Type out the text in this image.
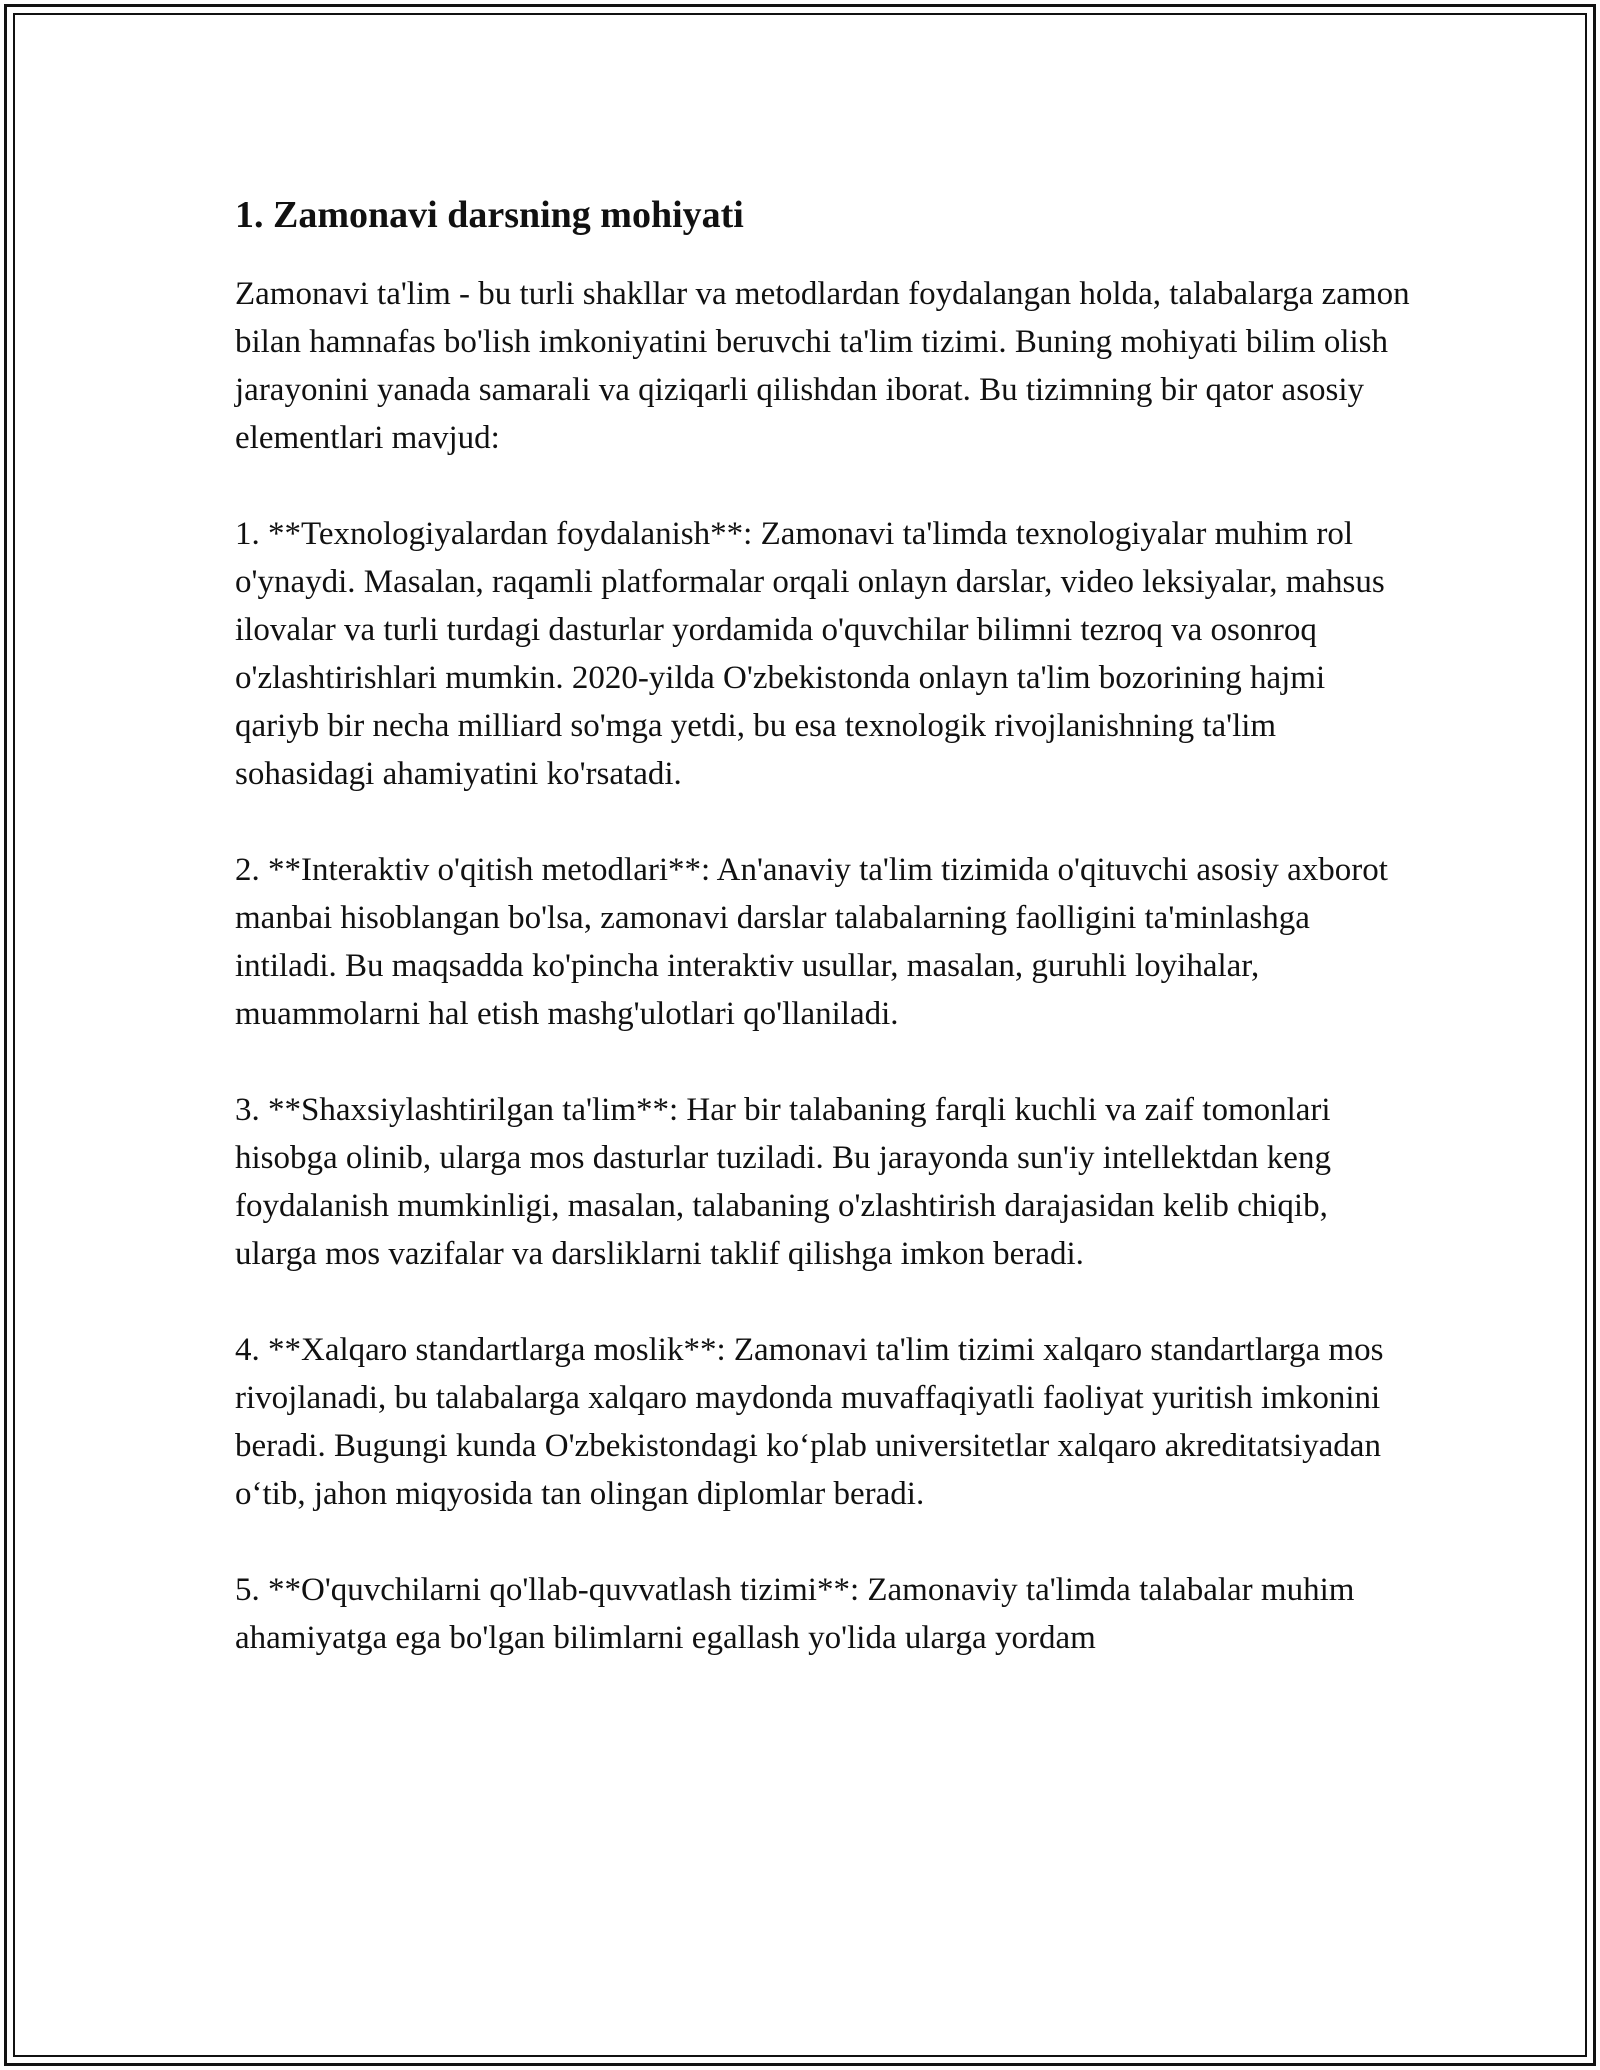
1. Zamonavi darsning mohiyati

Zamonavi ta'lim - bu turli shakllar va metodlardan foydalangan holda, talabalarga zamon bilan hamnafas bo'lish imkoniyatini beruvchi ta'lim tizimi. Buning mohiyati bilim olish jarayonini yanada samarali va qiziqarli qilishdan iborat. Bu tizimning bir qator asosiy elementlari mavjud:

1. **Texnologiyalardan foydalanish**: Zamonavi ta'limda texnologiyalar muhim rol o'ynaydi. Masalan, raqamli platformalar orqali onlayn darslar, video leksiyalar, mahsus ilovalar va turli turdagi dasturlar yordamida o'quvchilar bilimni tezroq va osonroq o'zlashtirishlari mumkin. 2020-yilda O'zbekistonda onlayn ta'lim bozorining hajmi qariyb bir necha milliard so'mga yetdi, bu esa texnologik rivojlanishning ta'lim sohasidagi ahamiyatini ko'rsatadi.

2. **Interaktiv o'qitish metodlari**: An'anaviy ta'lim tizimida o'qituvchi asosiy axborot manbai hisoblangan bo'lsa, zamonavi darslar talabalarning faolligini ta'minlashga intiladi. Bu maqsadda ko'pincha interaktiv usullar, masalan, guruhli loyihalar, muammolarni hal etish mashg'ulotlari qo'llaniladi.

3. **Shaxsiylashtirilgan ta'lim**: Har bir talabaning farqli kuchli va zaif tomonlari hisobga olinib, ularga mos dasturlar tuziladi. Bu jarayonda sun'iy intellektdan keng foydalanish mumkinligi, masalan, talabaning o'zlashtirish darajasidan kelib chiqib, ularga mos vazifalar va darsliklarni taklif qilishga imkon beradi.

4. **Xalqaro standartlarga moslik**: Zamonavi ta'lim tizimi xalqaro standartlarga mos rivojlanadi, bu talabalarga xalqaro maydonda muvaffaqiyatli faoliyat yuritish imkonini beradi. Bugungi kunda O'zbekistondagi ko‘plab universitetlar xalqaro akreditatsiyadan o‘tib, jahon miqyosida tan olingan diplomlar beradi.

5. **O'quvchilarni qo'llab-quvvatlash tizimi**: Zamonaviy ta'limda talabalar muhim ahamiyatga ega bo'lgan bilimlarni egallash yo'lida ularga yordam
